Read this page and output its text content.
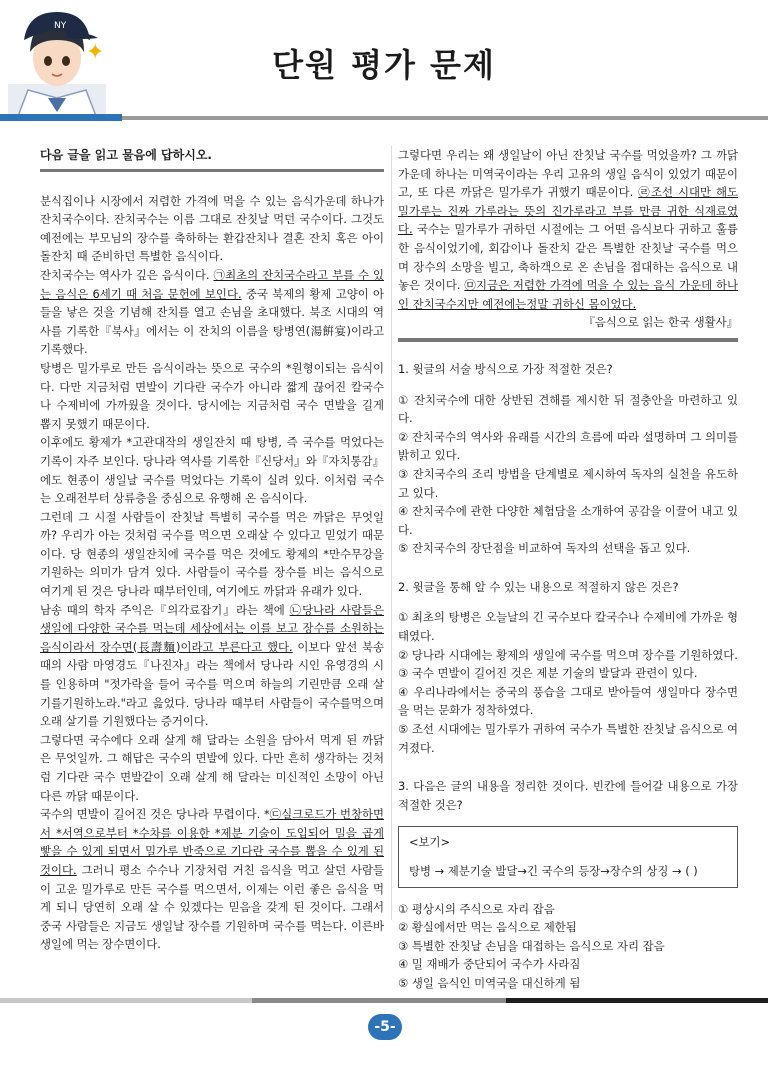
NY
✦	단원 평가 문제

다음 글을 읽고 물음에 답하시오.

분식집이나 시장에서 저렴한 가격에 먹을 수 있는 음식가운데 하나가 잔치국수이다. 잔치국수는 이름 그대로 잔칫날 먹던 국수이다. 그것도 예전에는 부모님의 장수를 축하하는 환갑잔치나 결혼 잔치 혹은 아이 돌잔치 때 준비하던 특별한 음식이다.

잔치국수는 역사가 깊은 음식이다. ㉠최초의 잔치국수라고 부를 수 있는 음식은 6세기 때 처음 문헌에 보인다. 중국 북제의 황제 고양이 아들을 낳은 것을 기념해 잔치를 열고 손님을 초대했다. 북조 시대의 역사를 기록한『북사』에서는 이 잔치의 이름을 탕병연(湯餠宴)이라고 기록했다.

탕병은 밀가루로 만든 음식이라는 뜻으로 국수의 *원형이되는 음식이다. 다만 지금처럼 면발이 기다란 국수가 아니라 짧게 끊어진 칼국수나 수제비에 가까웠을 것이다. 당시에는 지금처럼 국수 면발을 길게 뽑지 못했기 때문이다.

이후에도 황제가 *고관대작의 생일잔치 때 탕병, 즉 국수를 먹었다는 기록이 자주 보인다. 당나라 역사를 기록한『신당서』와『자치통감』에도 현종이 생일날 국수를 먹었다는 기록이 실려 있다. 이처럼 국수는 오래전부터 상류층을 중심으로 유행해 온 음식이다.

그런데 그 시절 사람들이 잔칫날 특별히 국수를 먹은 까닭은 무엇일까? 우리가 아는 것처럼 국수를 먹으면 오래살 수 있다고 믿었기 때문이다. 당 현종의 생일잔치에 국수를 먹은 것에도 황제의 *만수무강을 기원하는 의미가 담겨 있다. 사람들이 국수를 장수를 비는 음식으로 여기게 된 것은 당나라 때부터인데, 여기에도 까닭과 유래가 있다.

남송 때의 학자 주익은『의각료잡기』라는 책에 ㉡당나라 사람들은 생일에 다양한 국수를 먹는데 세상에서는 이를 보고 장수를 소원하는 음식이라서 장수면(長壽麵)이라고 부른다고 했다. 이보다 앞선 북송 때의 사람 마영경도『나진자』라는 책에서 당나라 시인 유영경의 시를 인용하며 "젓가락을 들어 국수를 먹으며 하늘의 기린만큼 오래 살기를기원하노라."라고 읊었다. 당나라 때부터 사람들이 국수를먹으며 오래 살기를 기원했다는 증거이다.

그렇다면 국수에다 오래 살게 해 달라는 소원을 담아서 먹게 된 까닭은 무엇일까. 그 해답은 국수의 면발에 있다. 다만 흔히 생각하는 것처럼 기다란 국수 면발같이 오래 살게 해 달라는 미신적인 소망이 아닌 다른 까닭 때문이다.

국수의 면발이 길어진 것은 당나라 무렵이다. *㉢실크로드가 번창하면서 *서역으로부터 *수차를 이용한 *제분 기술이 도입되어 밀을 곱게 빻을 수 있게 되면서 밀가루 반죽으로 기다란 국수를 뽑을 수 있게 된 것이다. 그러니 평소 수수나 기장처럼 거친 음식을 먹고 살던 사람들이 고운 밀가루로 만든 국수를 먹으면서, 이제는 이런 좋은 음식을 먹게 되니 당연히 오래 살 수 있겠다는 믿음을 갖게 된 것이다. 그래서 중국 사람들은 지금도 생일날 장수를 기원하며 국수를 먹는다. 이른바 생일에 먹는 장수면이다.

그렇다면 우리는 왜 생일날이 아닌 잔칫날 국수를 먹었을까? 그 까닭 가운데 하나는 미역국이라는 우리 고유의 생일 음식이 있었기 때문이고, 또 다른 까닭은 밀가루가 귀했기 때문이다. ㉣조선 시대만 해도 밀가루는 진짜 가루라는 뜻의 진가루라고 부를 만큼 귀한 식재료였다. 국수는 밀가루가 귀하던 시절에는 그 어떤 음식보다 귀하고 훌륭한 음식이었기에, 회갑이나 돌잔치 같은 특별한 잔칫날 국수를 먹으며 장수의 소망을 빌고, 축하객으로 온 손님을 접대하는 음식으로 내놓은 것이다. ㉤지금은 저렴한 가격에 먹을 수 있는 음식 가운데 하나인 잔치국수지만 예전에는정말 귀하신 몸이었다.

『음식으로 읽는 한국 생활사』

1. 윗글의 서술 방식으로 가장 적절한 것은?

① 잔치국수에 대한 상반된 견해를 제시한 뒤 절충안을 마련하고 있다.

② 잔치국수의 역사와 유래를 시간의 흐름에 따라 설명하며 그 의미를 밝히고 있다.

③ 잔치국수의 조리 방법을 단계별로 제시하여 독자의 실천을 유도하고 있다.

④ 잔치국수에 관한 다양한 체험담을 소개하여 공감을 이끌어 내고 있다.

⑤ 잔치국수의 장단점을 비교하여 독자의 선택을 돕고 있다.

2. 윗글을 통해 알 수 있는 내용으로 적절하지 않은 것은?

① 최초의 탕병은 오늘날의 긴 국수보다 칼국수나 수제비에 가까운 형태였다.

② 당나라 시대에는 황제의 생일에 국수를 먹으며 장수를 기원하였다.

③ 국수 면발이 길어진 것은 제분 기술의 발달과 관련이 있다.

④ 우리나라에서는 중국의 풍습을 그대로 받아들여 생일마다 장수면을 먹는 문화가 정착하였다.

⑤ 조선 시대에는 밀가루가 귀하여 국수가 특별한 잔칫날 음식으로 여겨졌다.

3. 다음은 글의 내용을 정리한 것이다. 빈칸에 들어갈 내용으로 가장 적절한 것은?

<보기>

탕병 → 제분기술 발달→긴 국수의 등장→장수의 상징 → ( )

① 평상시의 주식으로 자리 잡음

② 황실에서만 먹는 음식으로 제한됨

③ 특별한 잔칫날 손님을 대접하는 음식으로 자리 잡음

④ 밀 재배가 중단되어 국수가 사라짐

⑤ 생일 음식인 미역국을 대신하게 됨

-5-
